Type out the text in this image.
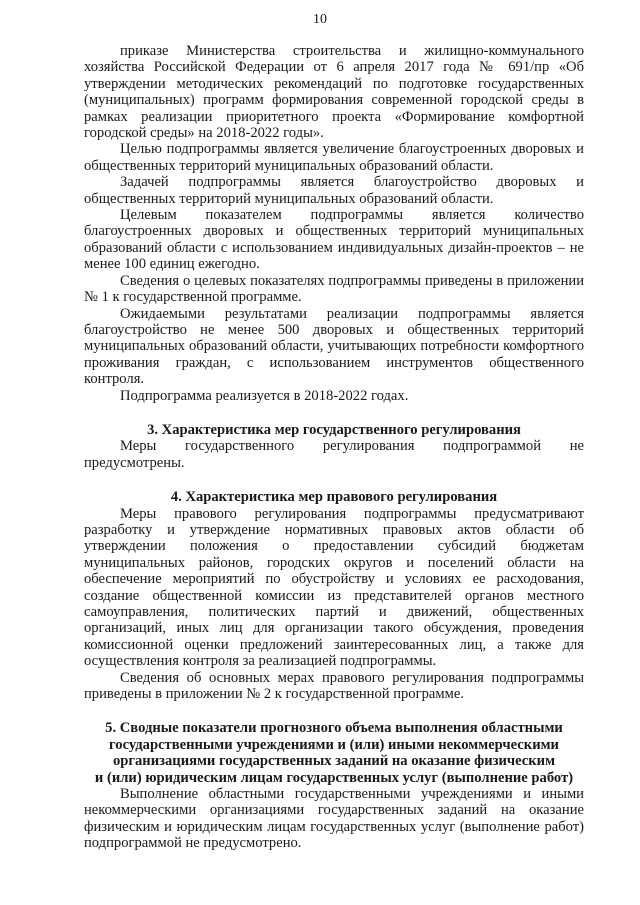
10

приказе Министерства строительства и жилищно-коммунального хозяйства Российской Федерации от 6 апреля 2017 года № 691/пр «Об утверждении методических рекомендаций по подготовке государственных (муниципальных) программ формирования современной городской среды в рамках реализации приоритетного проекта «Формирование комфортной городской среды» на 2018-2022 годы».

Целью подпрограммы является увеличение благоустроенных дворовых и общественных территорий муниципальных образований области.

Задачей подпрограммы является благоустройство дворовых и общественных территорий муниципальных образований области.

Целевым показателем подпрограммы является количество благоустроенных дворовых и общественных территорий муниципальных образований области с использованием индивидуальных дизайн-проектов – не менее 100 единиц ежегодно.

Сведения о целевых показателях подпрограммы приведены в приложении № 1 к государственной программе.

Ожидаемыми результатами реализации подпрограммы является благоустройство не менее 500 дворовых и общественных территорий муниципальных образований области, учитывающих потребности комфортного проживания граждан, с использованием инструментов общественного контроля.

Подпрограмма реализуется в 2018-2022 годах.

3. Характеристика мер государственного регулирования

Меры государственного регулирования подпрограммой не предусмотрены.

4. Характеристика мер правового регулирования

Меры правового регулирования подпрограммы предусматривают разработку и утверждение нормативных правовых актов области об утверждении положения о предоставлении субсидий бюджетам муниципальных районов, городских округов и поселений области на обеспечение мероприятий по обустройству и условиях ее расходования, создание общественной комиссии из представителей органов местного самоуправления, политических партий и движений, общественных организаций, иных лиц для организации такого обсуждения, проведения комиссионной оценки предложений заинтересованных лиц, а также для осуществления контроля за реализацией подпрограммы.

Сведения об основных мерах правового регулирования подпрограммы приведены в приложении № 2 к государственной программе.

5. Сводные показатели прогнозного объема выполнения областными
государственными учреждениями и (или) иными некоммерческими
организациями государственных заданий на оказание физическим
и (или) юридическим лицам государственных услуг (выполнение работ)

Выполнение областными государственными учреждениями и иными некоммерческими организациями государственных заданий на оказание физическим и юридическим лицам государственных услуг (выполнение работ) подпрограммой не предусмотрено.
